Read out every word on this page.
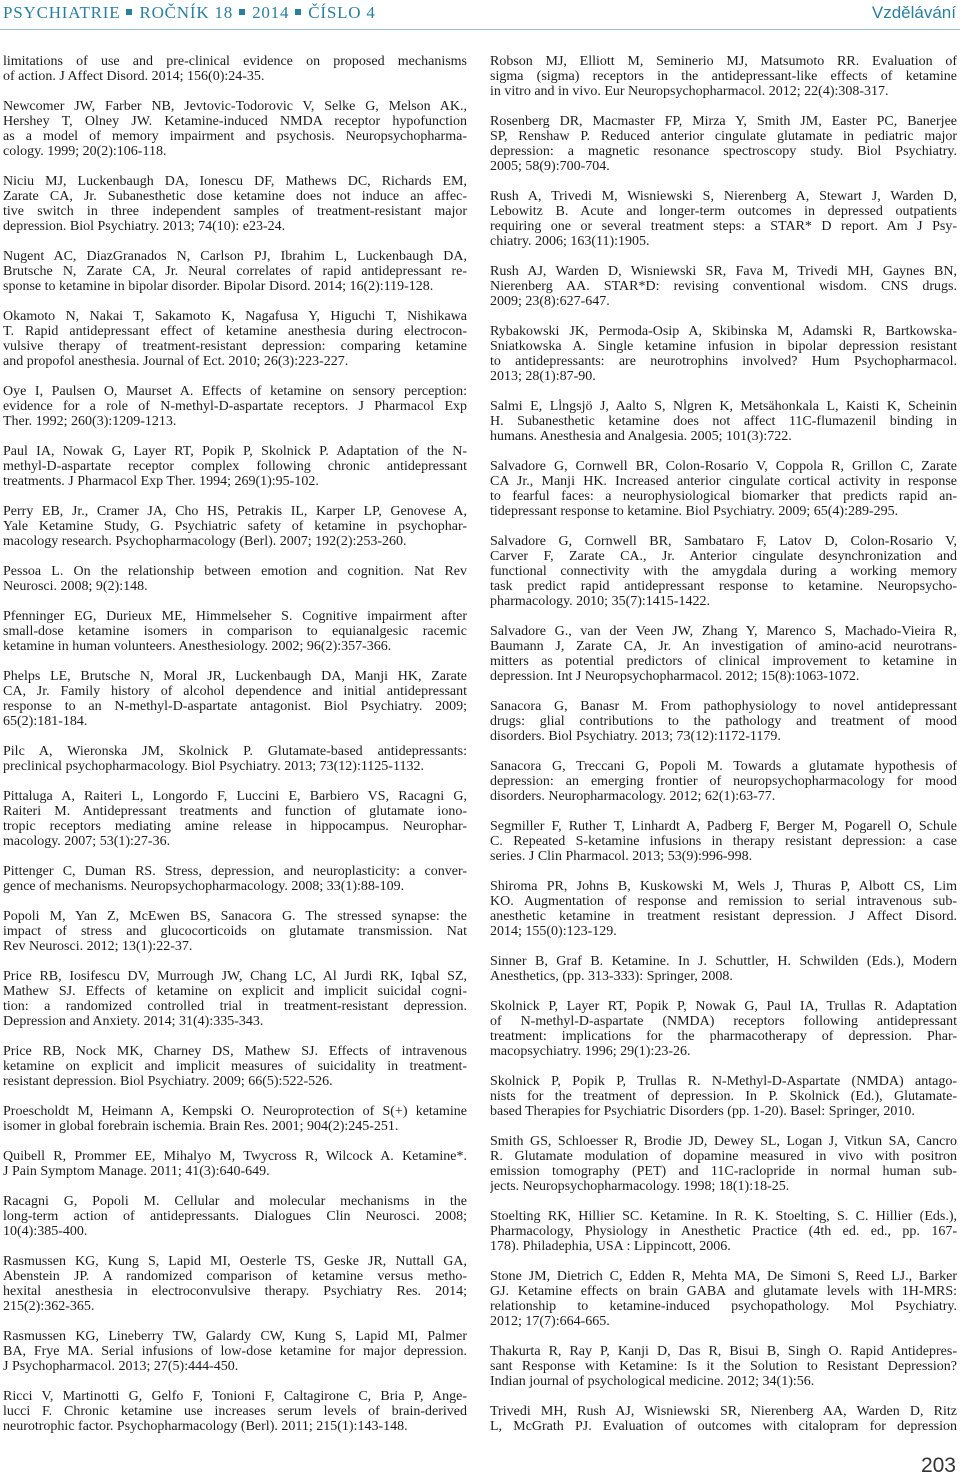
PSYCHIATRIE ROČNÍK 18 2014 ČÍSLO 4	Vzdělávání
limitations of use and pre-clinical evidence on proposed mechanisms
of action. J Affect Disord. 2014; 156(0):24-35.
Newcomer JW, Farber NB, Jevtovic-Todorovic V, Selke G, Melson AK.,
Hershey T, Olney JW. Ketamine-induced NMDA receptor hypofunction
as a model of memory impairment and psychosis. Neuropsychopharma-
cology. 1999; 20(2):106-118.
Niciu MJ, Luckenbaugh DA, Ionescu DF, Mathews DC, Richards EM,
Zarate CA, Jr. Subanesthetic dose ketamine does not induce an affec-
tive switch in three independent samples of treatment-resistant major
depression. Biol Psychiatry. 2013; 74(10): e23-24.
Nugent AC, DiazGranados N, Carlson PJ, Ibrahim L, Luckenbaugh DA,
Brutsche N, Zarate CA, Jr. Neural correlates of rapid antidepressant re-
sponse to ketamine in bipolar disorder. Bipolar Disord. 2014; 16(2):119-128.
Okamoto N, Nakai T, Sakamoto K, Nagafusa Y, Higuchi T, Nishikawa
T. Rapid antidepressant effect of ketamine anesthesia during electrocon-
vulsive therapy of treatment-resistant depression: comparing ketamine
and propofol anesthesia. Journal of Ect. 2010; 26(3):223-227.
Oye I, Paulsen O, Maurset A. Effects of ketamine on sensory perception:
evidence for a role of N-methyl-D-aspartate receptors. J Pharmacol Exp
Ther. 1992; 260(3):1209-1213.
Paul IA, Nowak G, Layer RT, Popik P, Skolnick P. Adaptation of the N-
methyl-D-aspartate receptor complex following chronic antidepressant
treatments. J Pharmacol Exp Ther. 1994; 269(1):95-102.
Perry EB, Jr., Cramer JA, Cho HS, Petrakis IL, Karper LP, Genovese A,
Yale Ketamine Study, G. Psychiatric safety of ketamine in psychophar-
macology research. Psychopharmacology (Berl). 2007; 192(2):253-260.
Pessoa L. On the relationship between emotion and cognition. Nat Rev
Neurosci. 2008; 9(2):148.
Pfenninger EG, Durieux ME, Himmelseher S. Cognitive impairment after
small-dose ketamine isomers in comparison to equianalgesic racemic
ketamine in human volunteers. Anesthesiology. 2002; 96(2):357-366.
Phelps LE, Brutsche N, Moral JR, Luckenbaugh DA, Manji HK, Zarate
CA, Jr. Family history of alcohol dependence and initial antidepressant
response to an N-methyl-D-aspartate antagonist. Biol Psychiatry. 2009;
65(2):181-184.
Pilc A, Wieronska JM, Skolnick P. Glutamate-based antidepressants:
preclinical psychopharmacology. Biol Psychiatry. 2013; 73(12):1125-1132.
Pittaluga A, Raiteri L, Longordo F, Luccini E, Barbiero VS, Racagni G,
Raiteri M. Antidepressant treatments and function of glutamate iono-
tropic receptors mediating amine release in hippocampus. Neurophar-
macology. 2007; 53(1):27-36.
Pittenger C, Duman RS. Stress, depression, and neuroplasticity: a conver-
gence of mechanisms. Neuropsychopharmacology. 2008; 33(1):88-109.
Popoli M, Yan Z, McEwen BS, Sanacora G. The stressed synapse: the
impact of stress and glucocorticoids on glutamate transmission. Nat
Rev Neurosci. 2012; 13(1):22-37.
Price RB, Iosifescu DV, Murrough JW, Chang LC, Al Jurdi RK, Iqbal SZ,
Mathew SJ. Effects of ketamine on explicit and implicit suicidal cogni-
tion: a randomized controlled trial in treatment-resistant depression.
Depression and Anxiety. 2014; 31(4):335-343.
Price RB, Nock MK, Charney DS, Mathew SJ. Effects of intravenous
ketamine on explicit and implicit measures of suicidality in treatment-
resistant depression. Biol Psychiatry. 2009; 66(5):522-526.
Proescholdt M, Heimann A, Kempski O. Neuroprotection of S(+) ketamine
isomer in global forebrain ischemia. Brain Res. 2001; 904(2):245-251.
Quibell R, Prommer EE, Mihalyo M, Twycross R, Wilcock A. Ketamine*.
J Pain Symptom Manage. 2011; 41(3):640-649.
Racagni G, Popoli M. Cellular and molecular mechanisms in the
long-term action of antidepressants. Dialogues Clin Neurosci. 2008;
10(4):385-400.
Rasmussen KG, Kung S, Lapid MI, Oesterle TS, Geske JR, Nuttall GA,
Abenstein JP. A randomized comparison of ketamine versus metho-
hexital anesthesia in electroconvulsive therapy. Psychiatry Res. 2014;
215(2):362-365.
Rasmussen KG, Lineberry TW, Galardy CW, Kung S, Lapid MI, Palmer
BA, Frye MA. Serial infusions of low-dose ketamine for major depression.
J Psychopharmacol. 2013; 27(5):444-450.
Ricci V, Martinotti G, Gelfo F, Tonioni F, Caltagirone C, Bria P, Ange-
lucci F. Chronic ketamine use increases serum levels of brain-derived
neurotrophic factor. Psychopharmacology (Berl). 2011; 215(1):143-148.
Robson MJ, Elliott M, Seminerio MJ, Matsumoto RR. Evaluation of
sigma (sigma) receptors in the antidepressant-like effects of ketamine
in vitro and in vivo. Eur Neuropsychopharmacol. 2012; 22(4):308-317.
Rosenberg DR, Macmaster FP, Mirza Y, Smith JM, Easter PC, Banerjee
SP, Renshaw P. Reduced anterior cingulate glutamate in pediatric major
depression: a magnetic resonance spectroscopy study. Biol Psychiatry.
2005; 58(9):700-704.
Rush A, Trivedi M, Wisniewski S, Nierenberg A, Stewart J, Warden D,
Lebowitz B. Acute and longer-term outcomes in depressed outpatients
requiring one or several treatment steps: a STAR* D report. Am J Psy-
chiatry. 2006; 163(11):1905.
Rush AJ, Warden D, Wisniewski SR, Fava M, Trivedi MH, Gaynes BN,
Nierenberg AA. STAR*D: revising conventional wisdom. CNS drugs.
2009; 23(8):627-647.
Rybakowski JK, Permoda-Osip A, Skibinska M, Adamski R, Bartkowska-
Sniatkowska A. Single ketamine infusion in bipolar depression resistant
to antidepressants: are neurotrophins involved? Hum Psychopharmacol.
2013; 28(1):87-90.
Salmi E, Lĺngsjö J, Aalto S, Nĺgren K, Metsähonkala L, Kaisti K, Scheinin
H. Subanesthetic ketamine does not affect 11C-flumazenil binding in
humans. Anesthesia and Analgesia. 2005; 101(3):722.
Salvadore G, Cornwell BR, Colon-Rosario V, Coppola R, Grillon C, Zarate
CA Jr., Manji HK. Increased anterior cingulate cortical activity in response
to fearful faces: a neurophysiological biomarker that predicts rapid an-
tidepressant response to ketamine. Biol Psychiatry. 2009; 65(4):289-295.
Salvadore G, Cornwell BR, Sambataro F, Latov D, Colon-Rosario V,
Carver F, Zarate CA., Jr. Anterior cingulate desynchronization and
functional connectivity with the amygdala during a working memory
task predict rapid antidepressant response to ketamine. Neuropsycho-
pharmacology. 2010; 35(7):1415-1422.
Salvadore G., van der Veen JW, Zhang Y, Marenco S, Machado-Vieira R,
Baumann J, Zarate CA, Jr. An investigation of amino-acid neurotrans-
mitters as potential predictors of clinical improvement to ketamine in
depression. Int J Neuropsychopharmacol. 2012; 15(8):1063-1072.
Sanacora G, Banasr M. From pathophysiology to novel antidepressant
drugs: glial contributions to the pathology and treatment of mood
disorders. Biol Psychiatry. 2013; 73(12):1172-1179.
Sanacora G, Treccani G, Popoli M. Towards a glutamate hypothesis of
depression: an emerging frontier of neuropsychopharmacology for mood
disorders. Neuropharmacology. 2012; 62(1):63-77.
Segmiller F, Ruther T, Linhardt A, Padberg F, Berger M, Pogarell O, Schule
C. Repeated S-ketamine infusions in therapy resistant depression: a case
series. J Clin Pharmacol. 2013; 53(9):996-998.
Shiroma PR, Johns B, Kuskowski M, Wels J, Thuras P, Albott CS, Lim
KO. Augmentation of response and remission to serial intravenous sub-
anesthetic ketamine in treatment resistant depression. J Affect Disord.
2014; 155(0):123-129.
Sinner B, Graf B. Ketamine. In J. Schuttler, H. Schwilden (Eds.), Modern
Anesthetics, (pp. 313-333): Springer, 2008.
Skolnick P, Layer RT, Popik P, Nowak G, Paul IA, Trullas R. Adaptation
of N-methyl-D-aspartate (NMDA) receptors following antidepressant
treatment: implications for the pharmacotherapy of depression. Phar-
macopsychiatry. 1996; 29(1):23-26.
Skolnick P, Popik P, Trullas R. N-Methyl-D-Aspartate (NMDA) antago-
nists for the treatment of depression. In P. Skolnick (Ed.), Glutamate-
based Therapies for Psychiatric Disorders (pp. 1-20). Basel: Springer, 2010.
Smith GS, Schloesser R, Brodie JD, Dewey SL, Logan J, Vitkun SA, Cancro
R. Glutamate modulation of dopamine measured in vivo with positron
emission tomography (PET) and 11C-raclopride in normal human sub-
jects. Neuropsychopharmacology. 1998; 18(1):18-25.
Stoelting RK, Hillier SC. Ketamine. In R. K. Stoelting, S. C. Hillier (Eds.),
Pharmacology, Physiology in Anesthetic Practice (4th ed. ed., pp. 167-
178). Philadephia, USA : Lippincott, 2006.
Stone JM, Dietrich C, Edden R, Mehta MA, De Simoni S, Reed LJ., Barker
GJ. Ketamine effects on brain GABA and glutamate levels with 1H-MRS:
relationship to ketamine-induced psychopathology. Mol Psychiatry.
2012; 17(7):664-665.
Thakurta R, Ray P, Kanji D, Das R, Bisui B, Singh O. Rapid Antidepres-
sant Response with Ketamine: Is it the Solution to Resistant Depression?
Indian journal of psychological medicine. 2012; 34(1):56.
Trivedi MH, Rush AJ, Wisniewski SR, Nierenberg AA, Warden D, Ritz
L, McGrath PJ. Evaluation of outcomes with citalopram for depression
203
